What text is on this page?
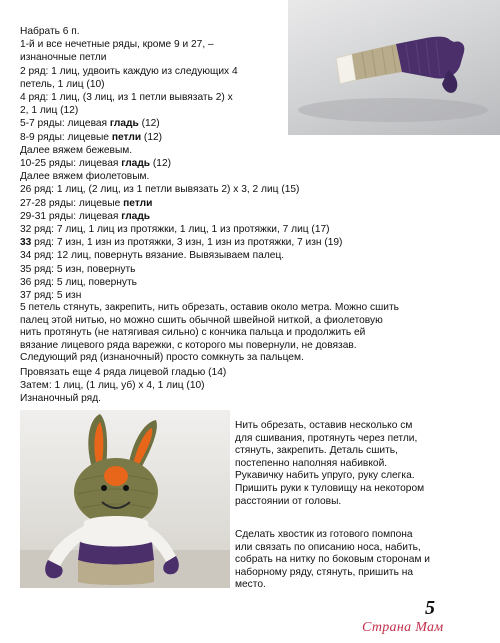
Набрать 6 п.
1-й и все нечетные ряды, кроме 9 и 27, –
изнаночные петли
2 ряд: 1 лиц, удвоить каждую из следующих 4
петель, 1 лиц (10)
4 ряд: 1 лиц, (3 лиц, из 1 петли вывязать 2) х
2, 1 лиц (12)
5-7 ряды: лицевая гладь (12)
8-9 ряды: лицевые петли (12)
Далее вяжем бежевым.
10-25 ряды: лицевая гладь (12)
Далее вяжем фиолетовым.
26 ряд: 1 лиц, (2 лиц, из 1 петли вывязать 2) х 3, 2 лиц (15)
27-28 ряды: лицевые петли
29-31 ряды: лицевая гладь
32 ряд: 7 лиц, 1 лиц из протяжки, 1 лиц, 1 из протяжки, 7 лиц (17)
33 ряд: 7 изн, 1 изн из протяжки, 3 изн, 1 изн из протяжки, 7 изн (19)
34 ряд: 12 лиц, повернуть вязание. Вывязываем палец.
35 ряд: 5 изн, повернуть
36 ряд: 5 лиц, повернуть
37 ряд: 5 изн
5 петель стянуть, закрепить, нить обрезать, оставив около метра. Можно сшить
палец этой нитью, но можно сшить обычной швейной ниткой, а фиолетовую
нить протянуть (не натягивая сильно) с кончика пальца и продолжить ей
вязание лицевого ряда варежки, с которого мы повернули, не довязав.
Следующий ряд (изнаночный) просто сомкнуть за пальцем.
Провязать еще 4 ряда лицевой гладью (14)
Затем: 1 лиц, (1 лиц, уб) х 4, 1 лиц (10)
Изнаночный ряд.
Нить обрезать, оставив несколько см
для сшивания, протянуть через петли,
стянуть, закрепить. Деталь сшить,
постепенно наполняя набивкой.
Рукавичку набить упруго, руку слегка.
Пришить руки к туловищу на некотором
расстоянии от головы.
Сделать хвостик из готового помпона
или связать по описанию носа, набить,
собрать на нитку по боковым сторонам и
наборному ряду, стянуть, пришить на
место.
5
Страна Мам
